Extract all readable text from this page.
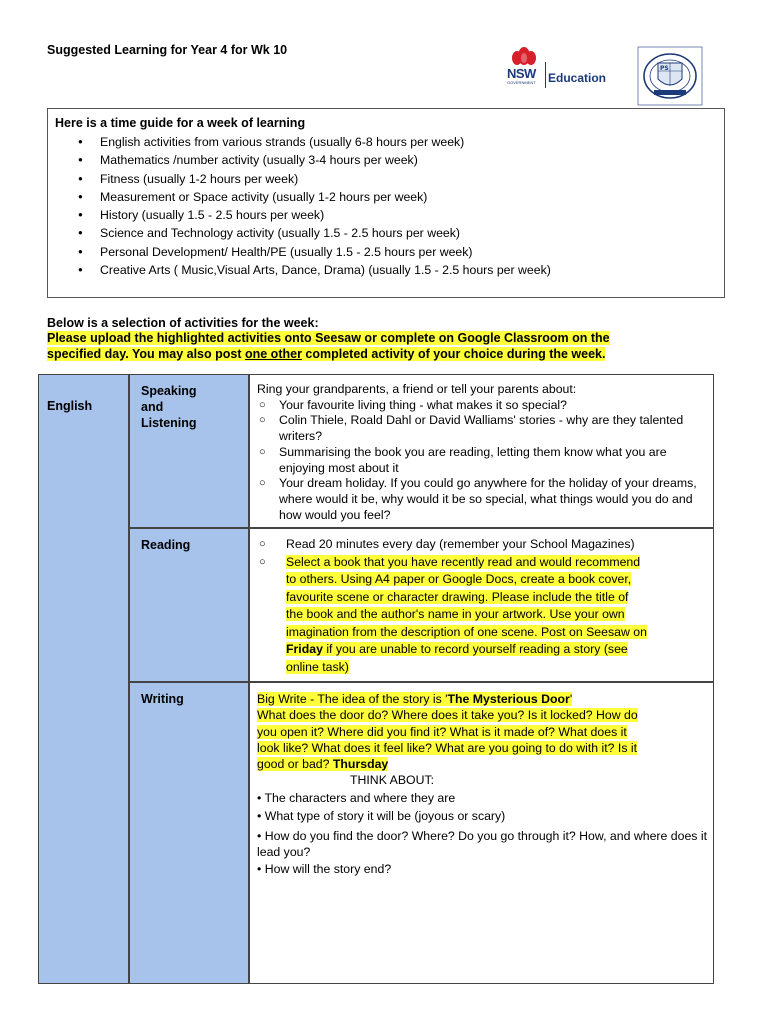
Suggested Learning for Year 4 for Wk 10
NSW
GOVERNMENT Education
PS
Here is a time guide for a week of learning
● English activities from various strands (usually 6-8 hours per week)
● Mathematics /number activity (usually 3-4 hours per week)
● Fitness (usually 1-2 hours per week)
● Measurement or Space activity (usually 1-2 hours per week)
● History (usually 1.5 - 2.5 hours per week)
● Science and Technology activity (usually 1.5 - 2.5 hours per week)
● Personal Development/ Health/PE (usually 1.5 - 2.5 hours per week)
● Creative Arts ( Music,Visual Arts, Dance, Drama) (usually 1.5 - 2.5 hours per week)
Below is a selection of activities for the week:
Please upload the highlighted activities onto Seesaw or complete on Google Classroom on the
specified day. You may also post one other completed activity of your choice during the week.
English
Speaking
and
Listening
Ring your grandparents, a friend or tell your parents about:
○ Your favourite living thing - what makes it so special?
○ Colin Thiele, Roald Dahl or David Walliams' stories - why are they talented writers?
○ Summarising the book you are reading, letting them know what you are enjoying most about it
○ Your dream holiday. If you could go anywhere for the holiday of your dreams, where would it be, why would it be so special, what things would you do and how would you feel?
Reading
○	Read 20 minutes every day (remember your School Magazines)
○ Select a book that you have recently read and would recommend
to others. Using A4 paper or Google Docs, create a book cover,
favourite scene or character drawing. Please include the title of
the book and the author's name in your artwork. Use your own
imagination from the description of one scene. Post on Seesaw on
Friday if you are unable to record yourself reading a story (see
online task)
Writing	Big Write - The idea of the story is 'The Mysterious Door'
What does the door do? Where does it take you? Is it locked? How do
you open it? Where did you find it? What is it made of? What does it
look like? What does it feel like? What are you going to do with it? Is it
good or bad? Thursday
THINK ABOUT:
• The characters and where they are
• What type of story it will be (joyous or scary)
• How do you find the door? Where? Do you go through it? How, and where does it lead you?
• How will the story end?
